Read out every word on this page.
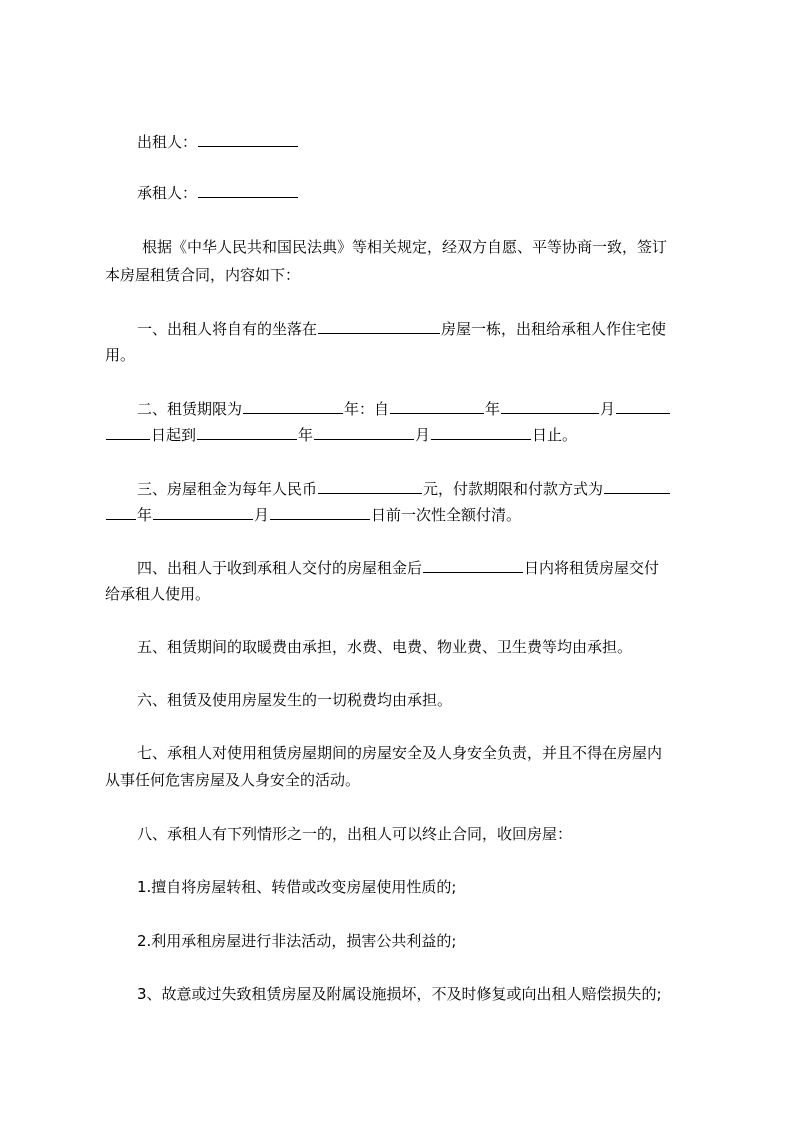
出租人：
承租人：
根据《中华人民共和国民法典》等相关规定，经双方自愿、平等协商一致，签订
本房屋租赁合同，内容如下：
一、出租人将自有的坐落在	房屋一栋，出租给承租人作住宅使
用。
二、租赁期限为	年：自	年	月
日起到	年	月	日止。
三、房屋租金为每年人民币	元，付款期限和付款方式为
年	月	日前一次性全额付清。
四、出租人于收到承租人交付的房屋租金后	日内将租赁房屋交付
给承租人使用。
五、租赁期间的取暖费由承担，水费、电费、物业费、卫生费等均由承担。
六、租赁及使用房屋发生的一切税费均由承担。
七、承租人对使用租赁房屋期间的房屋安全及人身安全负责，并且不得在房屋内
从事任何危害房屋及人身安全的活动。
八、承租人有下列情形之一的，出租人可以终止合同，收回房屋：
1.擅自将房屋转租、转借或改变房屋使用性质的;
2.利用承租房屋进行非法活动，损害公共利益的;
3、故意或过失致租赁房屋及附属设施损坏，不及时修复或向出租人赔偿损失的;
